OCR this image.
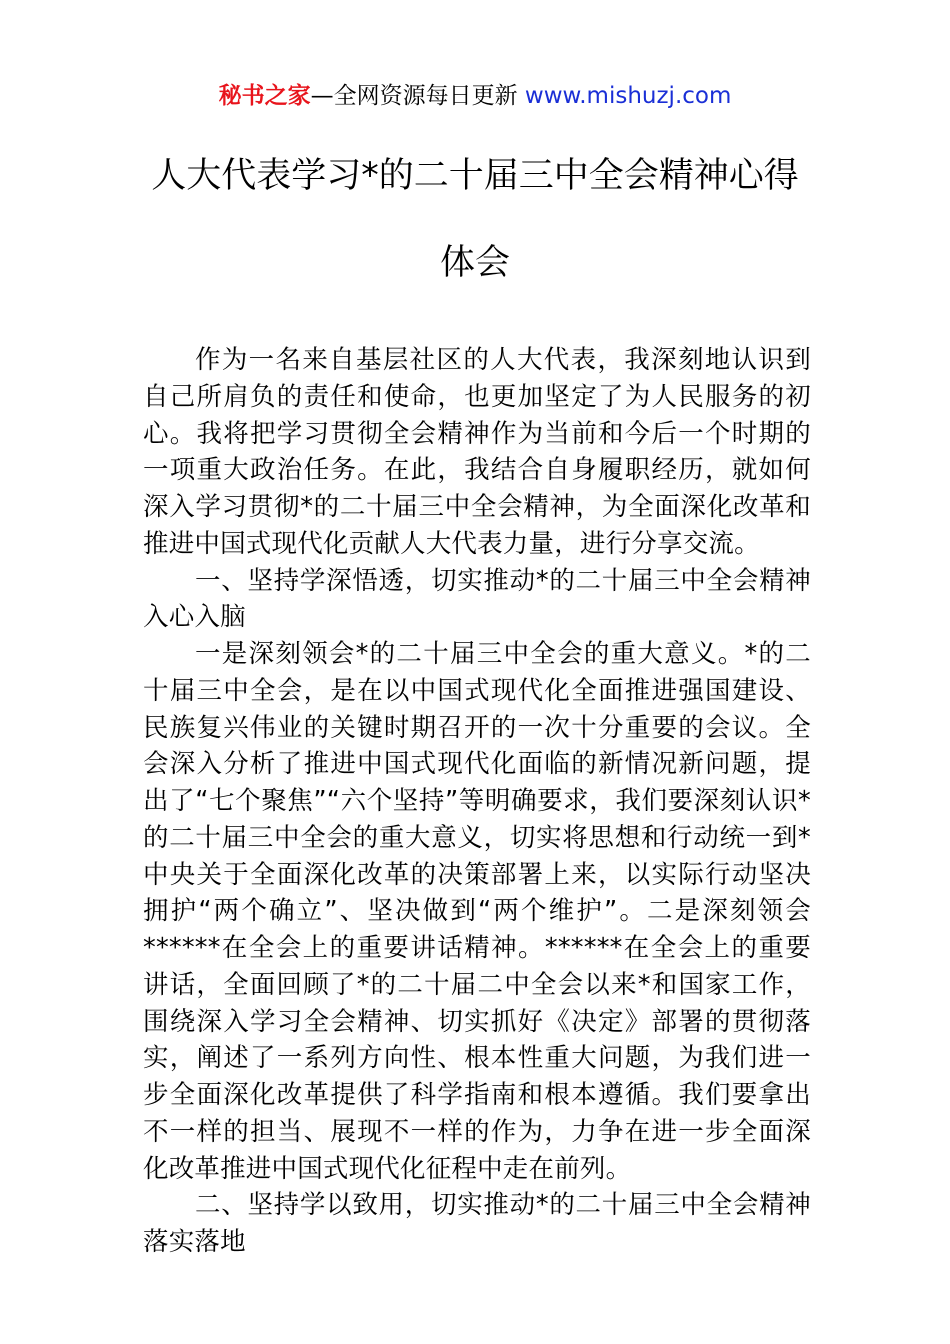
秘书之家—全网资源每日更新 www.mishuzj.com
人大代表学习*的二十届三中全会精神心得
体会

作为一名来自基层社区的人大代表，我深刻地认识到自己所肩负的责任和使命，也更加坚定了为人民服务的初心。我将把学习贯彻全会精神作为当前和今后一个时期的一项重大政治任务。在此，我结合自身履职经历，就如何深入学习贯彻*的二十届三中全会精神，为全面深化改革和推进中国式现代化贡献人大代表力量，进行分享交流。

一、坚持学深悟透，切实推动*的二十届三中全会精神入心入脑

一是深刻领会*的二十届三中全会的重大意义。*的二十届三中全会，是在以中国式现代化全面推进强国建设、民族复兴伟业的关键时期召开的一次十分重要的会议。全会深入分析了推进中国式现代化面临的新情况新问题，提出了“七个聚焦”“六个坚持”等明确要求，我们要深刻认识*的二十届三中全会的重大意义，切实将思想和行动统一到*中央关于全面深化改革的决策部署上来，以实际行动坚决拥护“两个确立”、坚决做到“两个维护”。二是深刻领会******在全会上的重要讲话精神。******在全会上的重要讲话，全面回顾了*的二十届二中全会以来*和国家工作，围绕深入学习全会精神、切实抓好《决定》部署的贯彻落实，阐述了一系列方向性、根本性重大问题，为我们进一步全面深化改革提供了科学指南和根本遵循。我们要拿出不一样的担当、展现不一样的作为，力争在进一步全面深化改革推进中国式现代化征程中走在前列。

二、坚持学以致用，切实推动*的二十届三中全会精神落实落地
